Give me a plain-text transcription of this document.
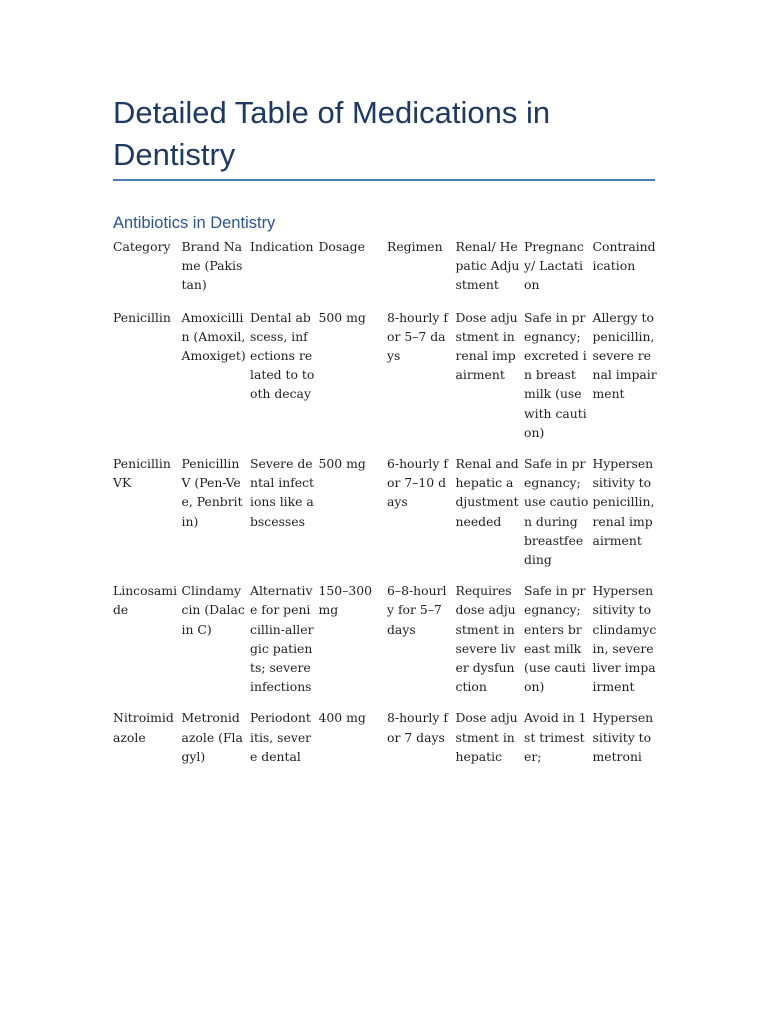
Detailed Table of Medications in Dentistry
Antibiotics in Dentistry
Category	Brand Name (Pakistan)	Indication	Dosage	Regimen	Renal/ Hepatic Adjustment	Pregnancy/ Lactation	Contraindication
Penicillin	Amoxicillin (Amoxil, Amoxiget)	Dental abscess, infections related to tooth decay	500 mg	8-hourly for 5–7 days	Dose adjustment in renal impairment	Safe in pregnancy; excreted in breast milk (use with caution)	Allergy to penicillin, severe renal impairment
Penicillin VK	Penicillin V (Pen-Vee, Penbritin)	Severe dental infections like abscesses	500 mg	6-hourly for 7–10 days	Renal and hepatic adjustment needed	Safe in pregnancy; use caution during breastfeeding	Hypersensitivity to penicillin, renal impairment
Lincosamide	Clindamycin (Dalacin C)	Alternative for penicillin-allergic patients; severe infections	150–300 mg	6–8-hourly for 5–7 days	Requires dose adjustment in severe liver dysfunction	Safe in pregnancy; enters breast milk (use caution)	Hypersensitivity to clindamycin, severe liver impairment
Nitroimidazole	Metronidazole (Flagyl)	Periodontitis, severe dental	400 mg	8-hourly for 7 days	Dose adjustment in hepatic	Avoid in 1st trimester;	Hypersensitivity to metroni
